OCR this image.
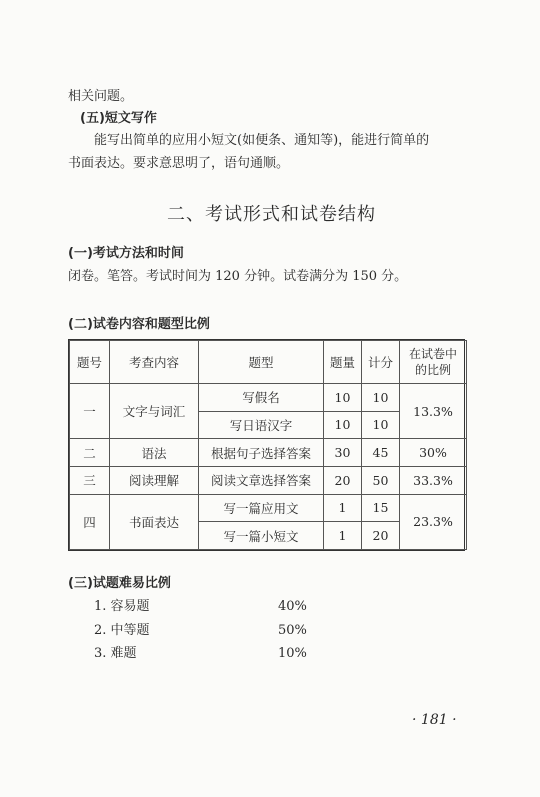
相关问题。
(五)短文写作
能写出简单的应用小短文(如便条、通知等)，能进行简单的
书面表达。要求意思明了，语句通顺。
二、考试形式和试卷结构
(一)考试方法和时间
闭卷。笔答。考试时间为 120 分钟。试卷满分为 150 分。
(二)试卷内容和题型比例
题号	考查内容	题型	题量	计分	在试卷中
的比例

一	文字与词汇	写假名	10	10	13.3%
		写日语汉字	10	10	
二	语法	根据句子选择答案	30	45	30%
三	阅读理解	阅读文章选择答案	20	50	33.3%
四	书面表达	写一篇应用文	1	15	23.3%
		写一篇小短文	1	20	
(三)试题难易比例
1. 容易题	40%
2. 中等题	50%
3. 难题	10%
· 181 ·
